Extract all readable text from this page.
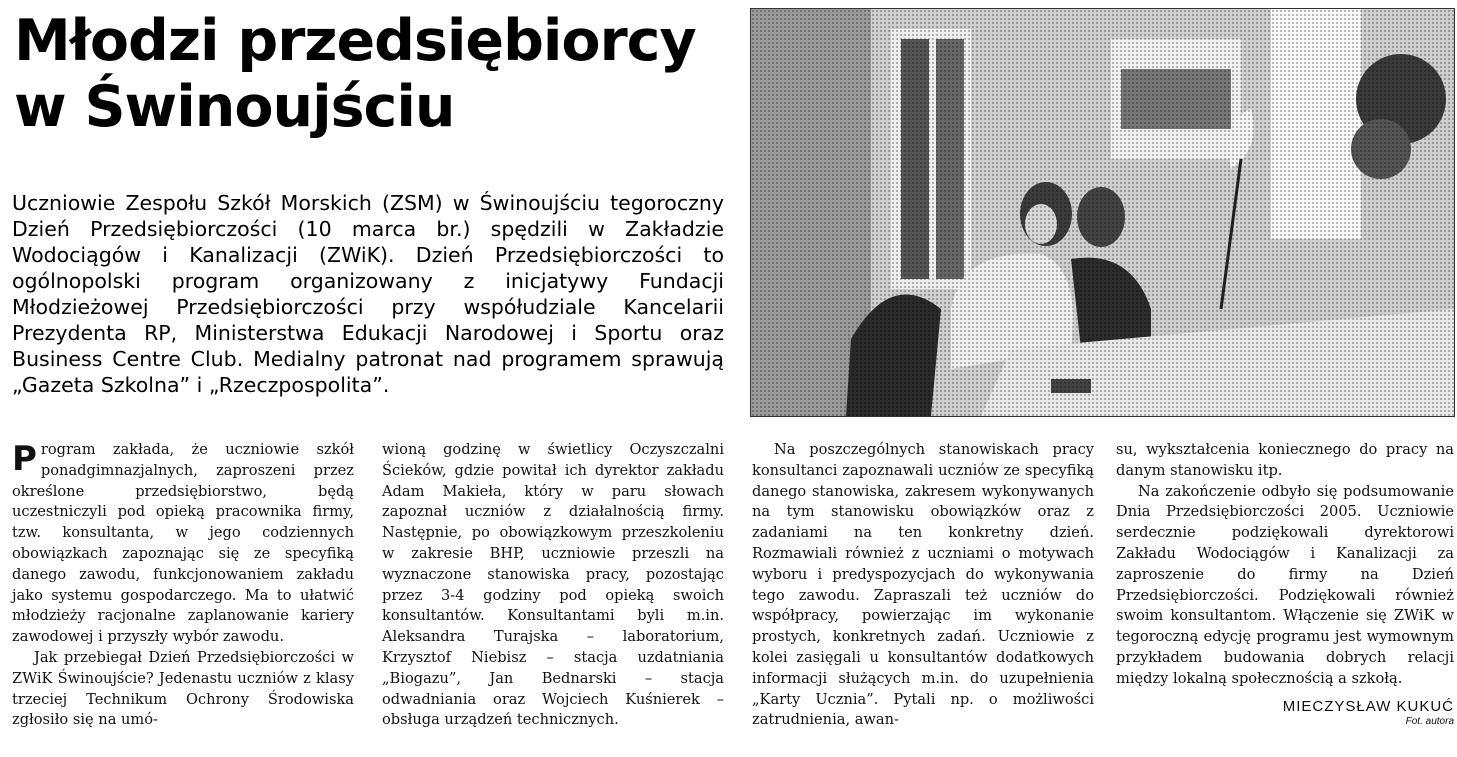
Młodzi przedsiębiorcy
w Świnoujściu

Uczniowie Zespołu Szkół Morskich (ZSM) w Świnoujściu tegoroczny Dzień Przedsiębiorczości (10 marca br.) spędzili w Zakładzie Wodociągów i Kanalizacji (ZWiK). Dzień Przedsiębiorczości to ogólnopolski program organizowany z inicjatywy Fundacji Młodzieżowej Przedsiębiorczości przy współudziale Kancelarii Prezydenta RP, Ministerstwa Edukacji Narodowej i Sportu oraz Business Centre Club. Medialny patronat nad programem sprawują „Gazeta Szkolna” i „Rzeczpospolita”.

Program zakłada, że uczniowie szkół ponadgimnazjalnych, zaproszeni przez określone przedsiębiorstwo, będą uczestniczyli pod opieką pracownika firmy, tzw. konsultanta, w jego codziennych obowiązkach zapoznając się ze specyfiką danego zawodu, funkcjonowaniem zakładu jako systemu gospodarczego. Ma to ułatwić młodzieży racjonalne zaplanowanie kariery zawodowej i przyszły wybór zawodu.

Jak przebiegał Dzień Przedsiębiorczości w ZWiK Świnoujście? Jedenastu uczniów z klasy trzeciej Technikum Ochrony Środowiska zgłosiło się na umó-

wioną godzinę w świetlicy Oczyszczalni Ścieków, gdzie powitał ich dyrektor zakładu Adam Makieła, który w paru słowach zapoznał uczniów z działalnością firmy. Następnie, po obowiązkowym przeszkoleniu w zakresie BHP, uczniowie przeszli na wyznaczone stanowiska pracy, pozostając przez 3-4 godziny pod opieką swoich konsultantów. Konsultantami byli m.in. Aleksandra Turajska – laboratorium, Krzysztof Niebisz – stacja uzdatniania „Biogazu”, Jan Bednarski – stacja odwadniania oraz Wojciech Kuśnierek – obsługa urządzeń technicznych.

Na poszczególnych stanowiskach pracy konsultanci zapoznawali uczniów ze specyfiką danego stanowiska, zakresem wykonywanych na tym stanowisku obowiązków oraz z zadaniami na ten konkretny dzień. Rozmawiali również z uczniami o motywach wyboru i predyspozycjach do wykonywania tego zawodu. Zapraszali też uczniów do współpracy, powierzając im wykonanie prostych, konkretnych zadań. Uczniowie z kolei zasięgali u konsultantów dodatkowych informacji służących m.in. do uzupełnienia „Karty Ucznia”. Pytali np. o możliwości zatrudnienia, awan-

su, wykształcenia koniecznego do pracy na danym stanowisku itp.

Na zakończenie odbyło się podsumowanie Dnia Przedsiębiorczości 2005. Uczniowie serdecznie podziękowali dyrektorowi Zakładu Wodociągów i Kanalizacji za zaproszenie do firmy na Dzień Przedsiębiorczości. Podziękowali również swoim konsultantom. Włączenie się ZWiK w tegoroczną edycję programu jest wymownym przykładem budowania dobrych relacji między lokalną społecznością a szkołą.

MIECZYSŁAW KUKUĆ
Fot. autora
